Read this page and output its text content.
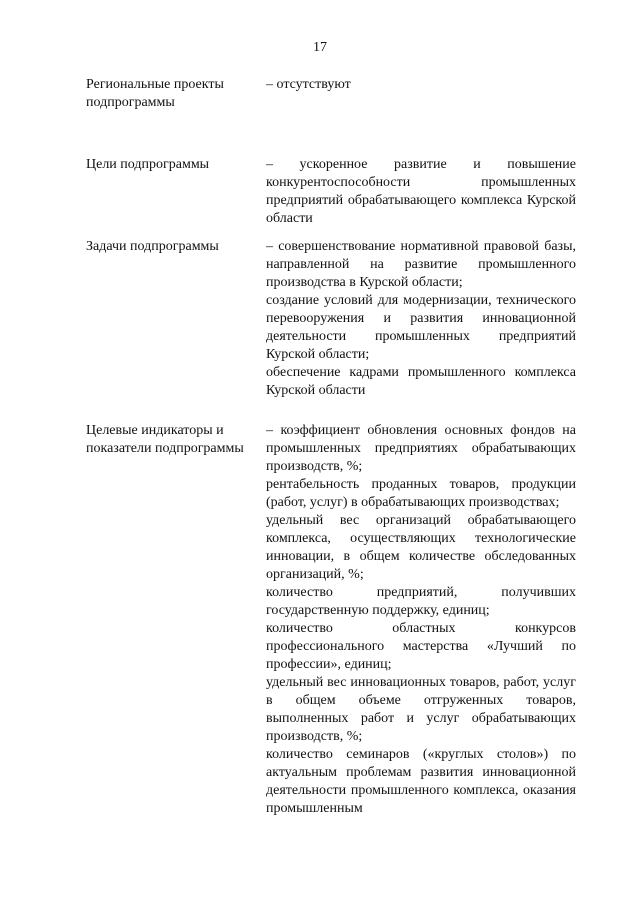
17
Региональные проекты подпрограммы

– отсутствуют

Цели подпрограммы	– ускоренное развитие и повышение конкурентоспособности промышленных предприятий обрабатывающего комплекса Курской области

Задачи подпрограммы	– совершенствование нормативной правовой базы, направленной на развитие промышленного производства в Курской области;

создание условий для модернизации, технического перевооружения и развития инновационной деятельности промышленных предприятий Курской области;

обеспечение кадрами промышленного комплекса Курской области

Целевые индикаторы и показатели подпрограммы

– коэффициент обновления основных фондов на промышленных предприятиях обрабатывающих производств, %;

рентабельность проданных товаров, продукции (работ, услуг) в обрабатывающих производствах;

удельный вес организаций обрабатывающего комплекса, осуществляющих технологические инновации, в общем количестве обследованных организаций, %;

количество предприятий, получивших государственную поддержку, единиц;

количество областных конкурсов профессионального мастерства «Лучший по профессии», единиц;

удельный вес инновационных товаров, работ, услуг в общем объеме отгруженных товаров, выполненных работ и услуг обрабатывающих производств, %;

количество семинаров («круглых столов») по актуальным проблемам развития инновационной деятельности промышленного комплекса, оказания промышленным
